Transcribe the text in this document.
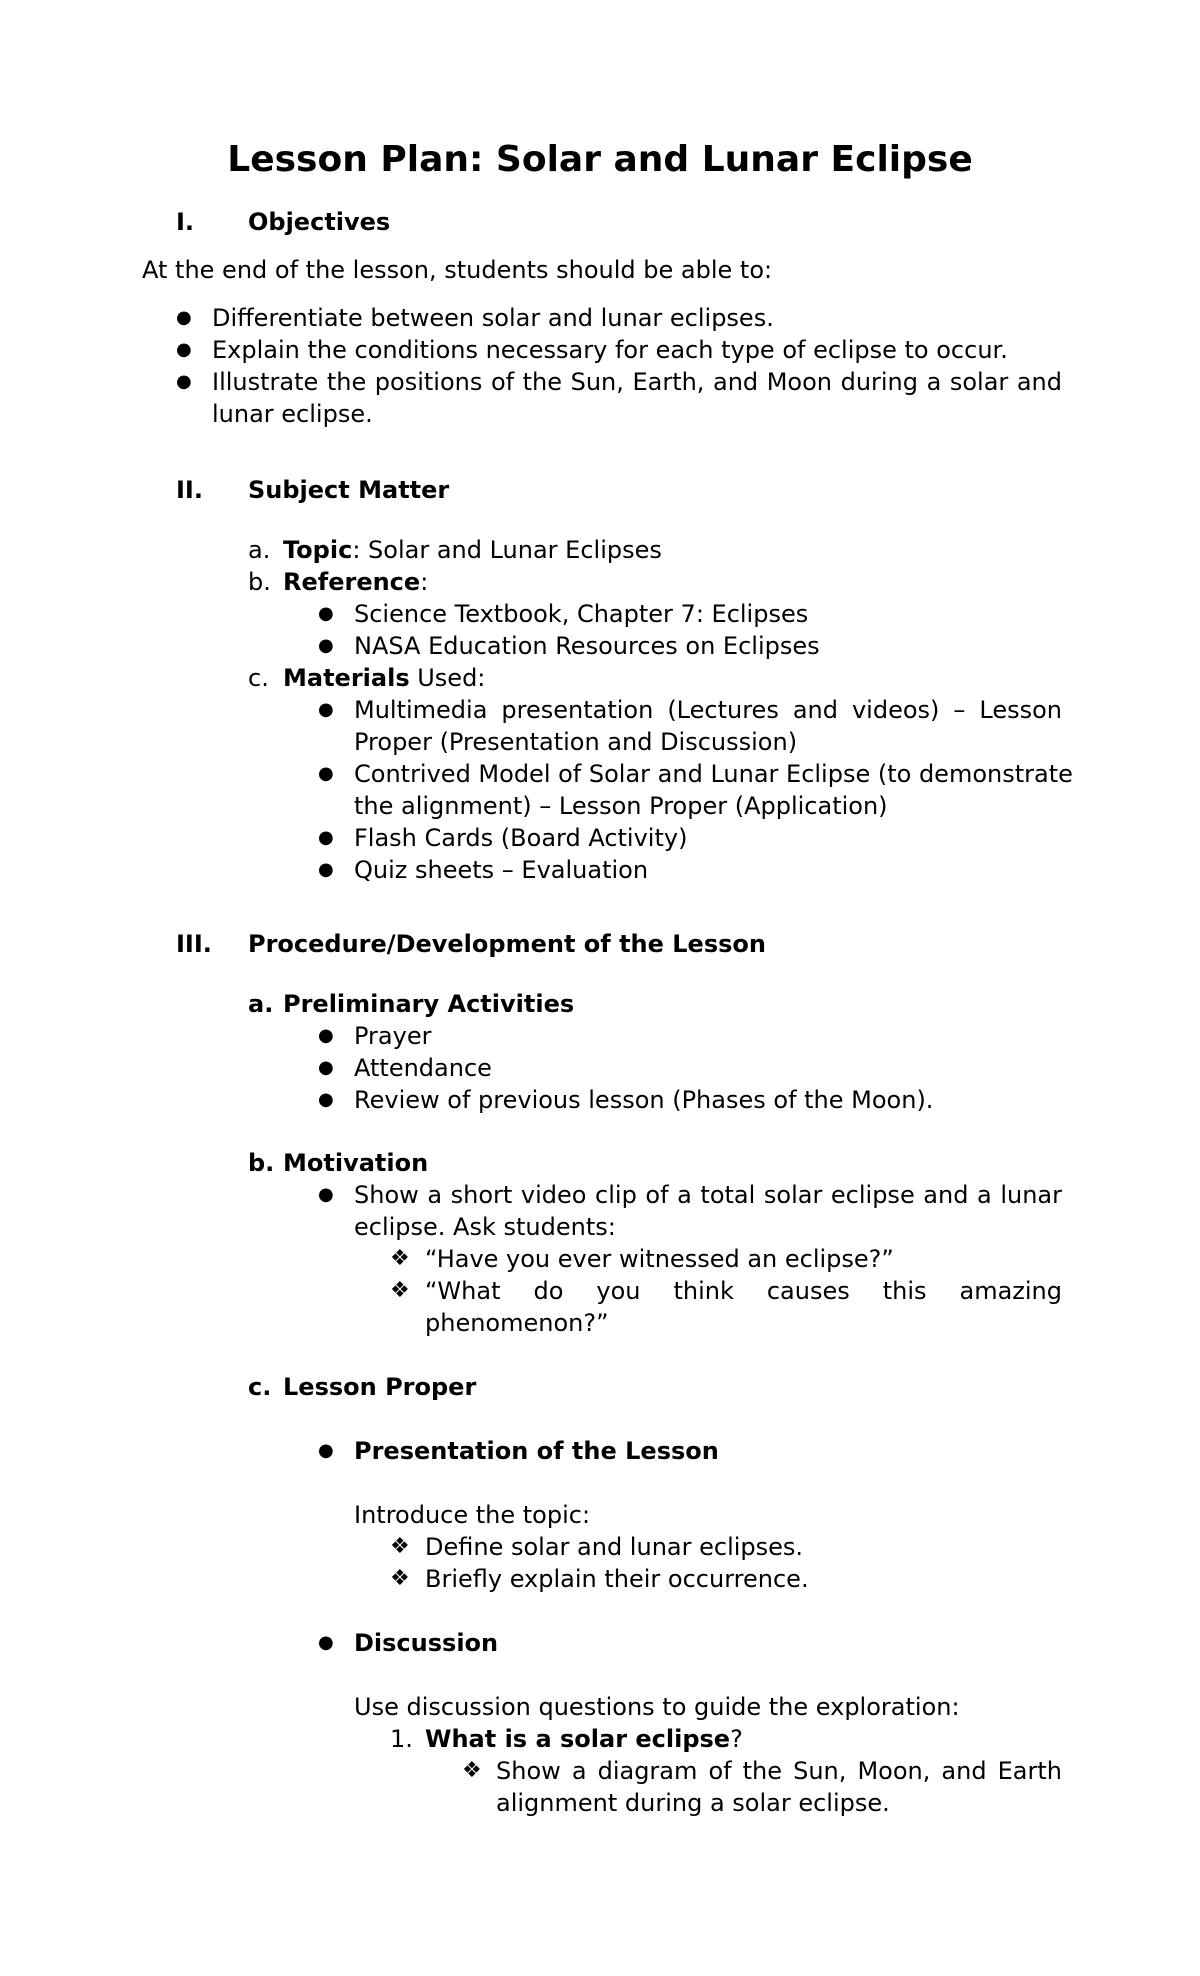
Lesson Plan: Solar and Lunar Eclipse
I. Objectives
At the end of the lesson, students should be able to:
● Differentiate between solar and lunar eclipses.
● Explain the conditions necessary for each type of eclipse to occur.
● Illustrate the positions of the Sun, Earth, and Moon during a solar and
lunar eclipse.
II. Subject Matter
a. Topic: Solar and Lunar Eclipses
b. Reference:
● Science Textbook, Chapter 7: Eclipses
● NASA Education Resources on Eclipses
c. Materials Used:
● Multimedia presentation (Lectures and videos) – Lesson
Proper (Presentation and Discussion)
● Contrived Model of Solar and Lunar Eclipse (to demonstrate
the alignment) – Lesson Proper (Application)
● Flash Cards (Board Activity)
● Quiz sheets – Evaluation
III. Procedure/Development of the Lesson
a. Preliminary Activities
● Prayer
● Attendance
● Review of previous lesson (Phases of the Moon).
b. Motivation
● Show a short video clip of a total solar eclipse and a lunar
eclipse. Ask students:
❖ “Have you ever witnessed an eclipse?”
❖ “What do you think causes this amazing
phenomenon?”
c. Lesson Proper
● Presentation of the Lesson
Introduce the topic:
❖ Define solar and lunar eclipses.
❖ Briefly explain their occurrence.
● Discussion
Use discussion questions to guide the exploration:
1. What is a solar eclipse?
❖ Show a diagram of the Sun, Moon, and Earth
alignment during a solar eclipse.
